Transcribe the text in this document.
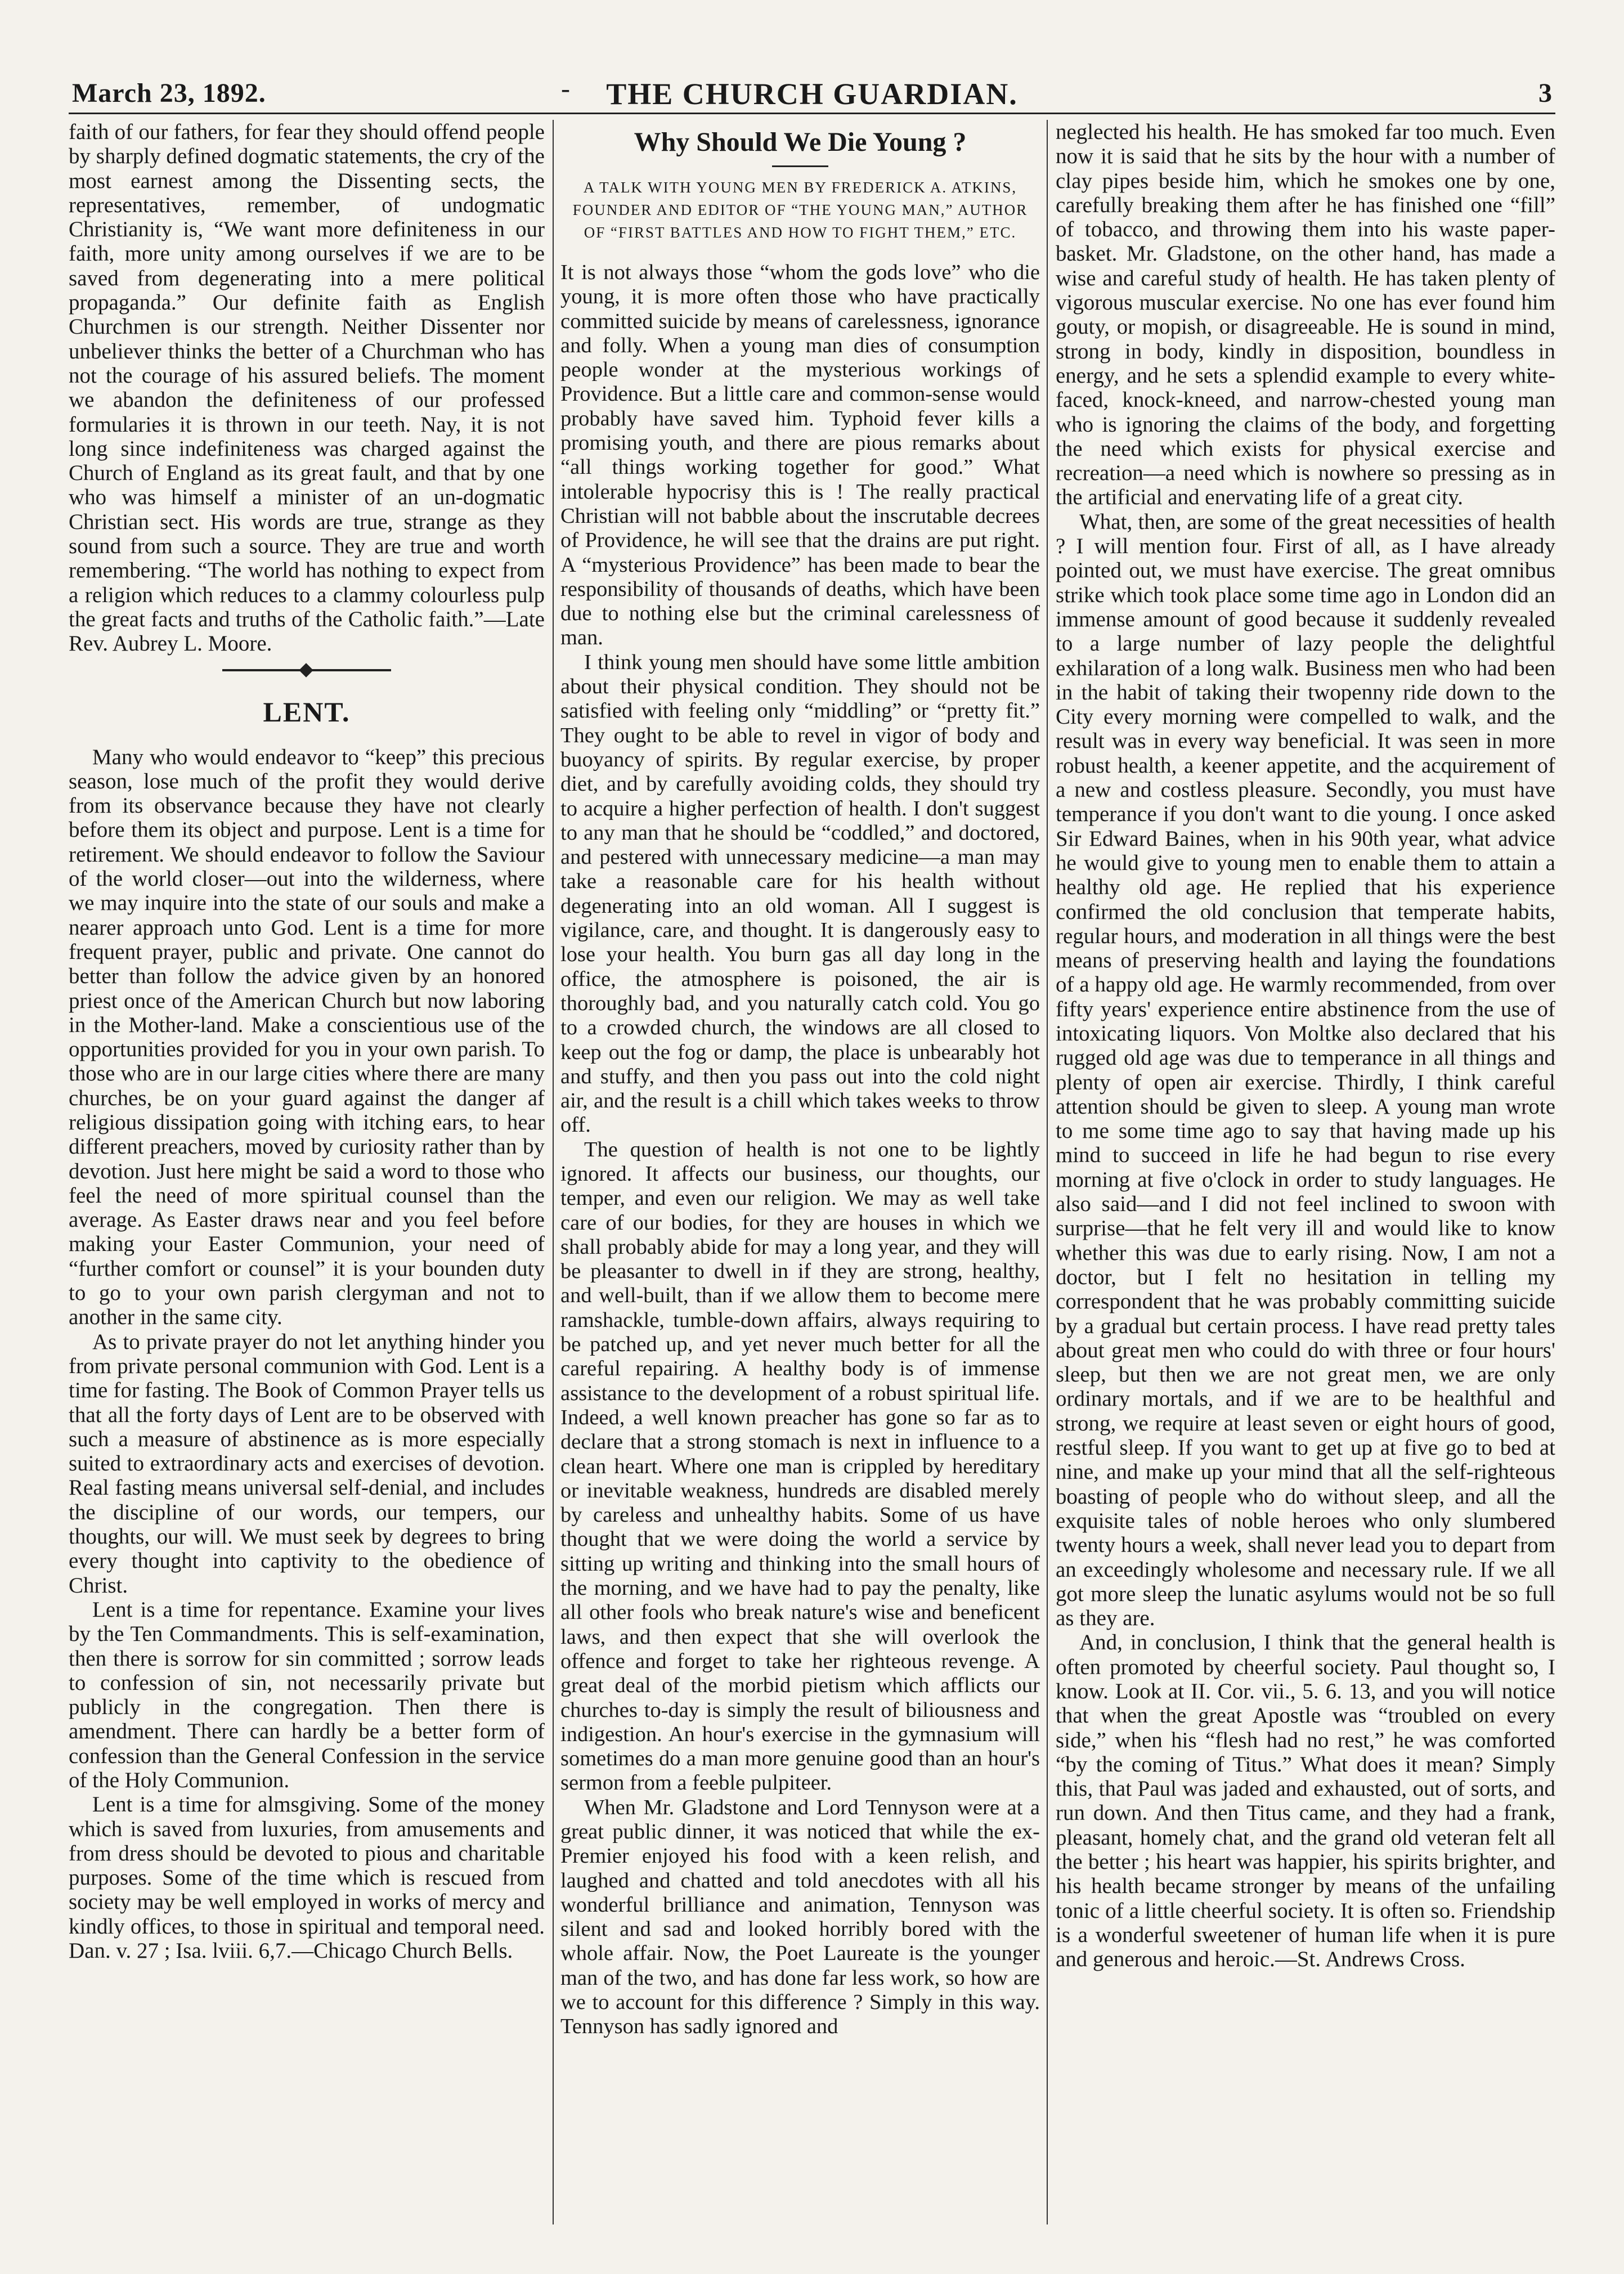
March 23, 1892.	-	THE CHURCH GUARDIAN.	3

faith of our fathers, for fear they should offend people by sharply defined dogmatic statements, the cry of the most earnest among the Dissenting sects, the representatives, remember, of undogmatic Christianity is, “We want more definiteness in our faith, more unity among ourselves if we are to be saved from degenerating into a mere political propaganda.” Our definite faith as English Churchmen is our strength. Neither Dissenter nor unbeliever thinks the better of a Churchman who has not the courage of his assured beliefs. The moment we abandon the definiteness of our professed formularies it is thrown in our teeth. Nay, it is not long since indefiniteness was charged against the Church of England as its great fault, and that by one who was himself a minister of an un-dogmatic Christian sect. His words are true, strange as they sound from such a source. They are true and worth remembering. “The world has nothing to expect from a religion which reduces to a clammy colourless pulp the great facts and truths of the Catholic faith.”—Late Rev. Aubrey L. Moore.

LENT.

Many who would endeavor to “keep” this precious season, lose much of the profit they would derive from its observance because they have not clearly before them its object and purpose. Lent is a time for retirement. We should endeavor to follow the Saviour of the world closer—out into the wilderness, where we may inquire into the state of our souls and make a nearer approach unto God. Lent is a time for more frequent prayer, public and private. One cannot do better than follow the advice given by an honored priest once of the American Church but now laboring in the Mother-land. Make a conscientious use of the opportunities provided for you in your own parish. To those who are in our large cities where there are many churches, be on your guard against the danger af religious dissipation going with itching ears, to hear different preachers, moved by curiosity rather than by devotion. Just here might be said a word to those who feel the need of more spiritual counsel than the average. As Easter draws near and you feel before making your Easter Communion, your need of “further comfort or counsel” it is your bounden duty to go to your own parish clergyman and not to another in the same city.

As to private prayer do not let anything hinder you from private personal communion with God. Lent is a time for fasting. The Book of Common Prayer tells us that all the forty days of Lent are to be observed with such a measure of abstinence as is more especially suited to extraordinary acts and exercises of devotion. Real fasting means universal self-denial, and includes the discipline of our words, our tempers, our thoughts, our will. We must seek by degrees to bring every thought into captivity to the obedience of Christ.

Lent is a time for repentance. Examine your lives by the Ten Commandments. This is self-examination, then there is sorrow for sin committed ; sorrow leads to confession of sin, not necessarily private but publicly in the congregation. Then there is amendment. There can hardly be a better form of confession than the General Confession in the service of the Holy Communion.

Lent is a time for almsgiving. Some of the money which is saved from luxuries, from amusements and from dress should be devoted to pious and charitable purposes. Some of the time which is rescued from society may be well employed in works of mercy and kindly offices, to those in spiritual and temporal need. Dan. v. 27 ; Isa. lviii. 6,7.—Chicago Church Bells.

Why Should We Die Young ?
A TALK WITH YOUNG MEN BY FREDERICK A. ATKINS, FOUNDER AND EDITOR OF “THE YOUNG MAN,” AUTHOR OF “FIRST BATTLES AND HOW TO FIGHT THEM,” ETC.

It is not always those “whom the gods love” who die young, it is more often those who have practically committed suicide by means of carelessness, ignorance and folly. When a young man dies of consumption people wonder at the mysterious workings of Providence. But a little care and common-sense would probably have saved him. Typhoid fever kills a promising youth, and there are pious remarks about “all things working together for good.” What intolerable hypocrisy this is ! The really practical Christian will not babble about the inscrutable decrees of Providence, he will see that the drains are put right. A “mysterious Providence” has been made to bear the responsibility of thousands of deaths, which have been due to nothing else but the criminal carelessness of man.

I think young men should have some little ambition about their physical condition. They should not be satisfied with feeling only “middling” or “pretty fit.” They ought to be able to revel in vigor of body and buoyancy of spirits. By regular exercise, by proper diet, and by carefully avoiding colds, they should try to acquire a higher perfection of health. I don't suggest to any man that he should be “coddled,” and doctored, and pestered with unnecessary medicine—a man may take a reasonable care for his health without degenerating into an old woman. All I suggest is vigilance, care, and thought. It is dangerously easy to lose your health. You burn gas all day long in the office, the atmosphere is poisoned, the air is thoroughly bad, and you naturally catch cold. You go to a crowded church, the windows are all closed to keep out the fog or damp, the place is unbearably hot and stuffy, and then you pass out into the cold night air, and the result is a chill which takes weeks to throw off.

The question of health is not one to be lightly ignored. It affects our business, our thoughts, our temper, and even our religion. We may as well take care of our bodies, for they are houses in which we shall probably abide for may a long year, and they will be pleasanter to dwell in if they are strong, healthy, and well-built, than if we allow them to become mere ramshackle, tumble-down affairs, always requiring to be patched up, and yet never much better for all the careful repairing. A healthy body is of immense assistance to the development of a robust spiritual life. Indeed, a well known preacher has gone so far as to declare that a strong stomach is next in influence to a clean heart. Where one man is crippled by hereditary or inevitable weakness, hundreds are disabled merely by careless and unhealthy habits. Some of us have thought that we were doing the world a service by sitting up writing and thinking into the small hours of the morning, and we have had to pay the penalty, like all other fools who break nature's wise and beneficent laws, and then expect that she will overlook the offence and forget to take her righteous revenge. A great deal of the morbid pietism which afflicts our churches to-day is simply the result of biliousness and indigestion. An hour's exercise in the gymnasium will sometimes do a man more genuine good than an hour's sermon from a feeble pulpiteer.

When Mr. Gladstone and Lord Tennyson were at a great public dinner, it was noticed that while the ex-Premier enjoyed his food with a keen relish, and laughed and chatted and told anecdotes with all his wonderful brilliance and animation, Tennyson was silent and sad and looked horribly bored with the whole affair. Now, the Poet Laureate is the younger man of the two, and has done far less work, so how are we to account for this difference ? Simply in this way. Tennyson has sadly ignored and

neglected his health. He has smoked far too much. Even now it is said that he sits by the hour with a number of clay pipes beside him, which he smokes one by one, carefully breaking them after he has finished one “fill” of tobacco, and throwing them into his waste paper-basket. Mr. Gladstone, on the other hand, has made a wise and careful study of health. He has taken plenty of vigorous muscular exercise. No one has ever found him gouty, or mopish, or disagreeable. He is sound in mind, strong in body, kindly in disposition, boundless in energy, and he sets a splendid example to every white-faced, knock-kneed, and narrow-chested young man who is ignoring the claims of the body, and forgetting the need which exists for physical exercise and recreation—a need which is nowhere so pressing as in the artificial and enervating life of a great city.

What, then, are some of the great necessities of health ? I will mention four. First of all, as I have already pointed out, we must have exercise. The great omnibus strike which took place some time ago in London did an immense amount of good because it suddenly revealed to a large number of lazy people the delightful exhilaration of a long walk. Business men who had been in the habit of taking their twopenny ride down to the City every morning were compelled to walk, and the result was in every way beneficial. It was seen in more robust health, a keener appetite, and the acquirement of a new and costless pleasure. Secondly, you must have temperance if you don't want to die young. I once asked Sir Edward Baines, when in his 90th year, what advice he would give to young men to enable them to attain a healthy old age. He replied that his experience confirmed the old conclusion that temperate habits, regular hours, and moderation in all things were the best means of preserving health and laying the foundations of a happy old age. He warmly recommended, from over fifty years' experience entire abstinence from the use of intoxicating liquors. Von Moltke also declared that his rugged old age was due to temperance in all things and plenty of open air exercise. Thirdly, I think careful attention should be given to sleep. A young man wrote to me some time ago to say that having made up his mind to succeed in life he had begun to rise every morning at five o'clock in order to study languages. He also said—and I did not feel inclined to swoon with surprise—that he felt very ill and would like to know whether this was due to early rising. Now, I am not a doctor, but I felt no hesitation in telling my correspondent that he was probably committing suicide by a gradual but certain process. I have read pretty tales about great men who could do with three or four hours' sleep, but then we are not great men, we are only ordinary mortals, and if we are to be healthful and strong, we require at least seven or eight hours of good, restful sleep. If you want to get up at five go to bed at nine, and make up your mind that all the self-righteous boasting of people who do without sleep, and all the exquisite tales of noble heroes who only slumbered twenty hours a week, shall never lead you to depart from an exceedingly wholesome and necessary rule. If we all got more sleep the lunatic asylums would not be so full as they are.

And, in conclusion, I think that the general health is often promoted by cheerful society. Paul thought so, I know. Look at II. Cor. vii., 5. 6. 13, and you will notice that when the great Apostle was “troubled on every side,” when his “flesh had no rest,” he was comforted “by the coming of Titus.” What does it mean? Simply this, that Paul was jaded and exhausted, out of sorts, and run down. And then Titus came, and they had a frank, pleasant, homely chat, and the grand old veteran felt all the better ; his heart was happier, his spirits brighter, and his health became stronger by means of the unfailing tonic of a little cheerful society. It is often so. Friendship is a wonderful sweetener of human life when it is pure and generous and heroic.—St. Andrews Cross.
